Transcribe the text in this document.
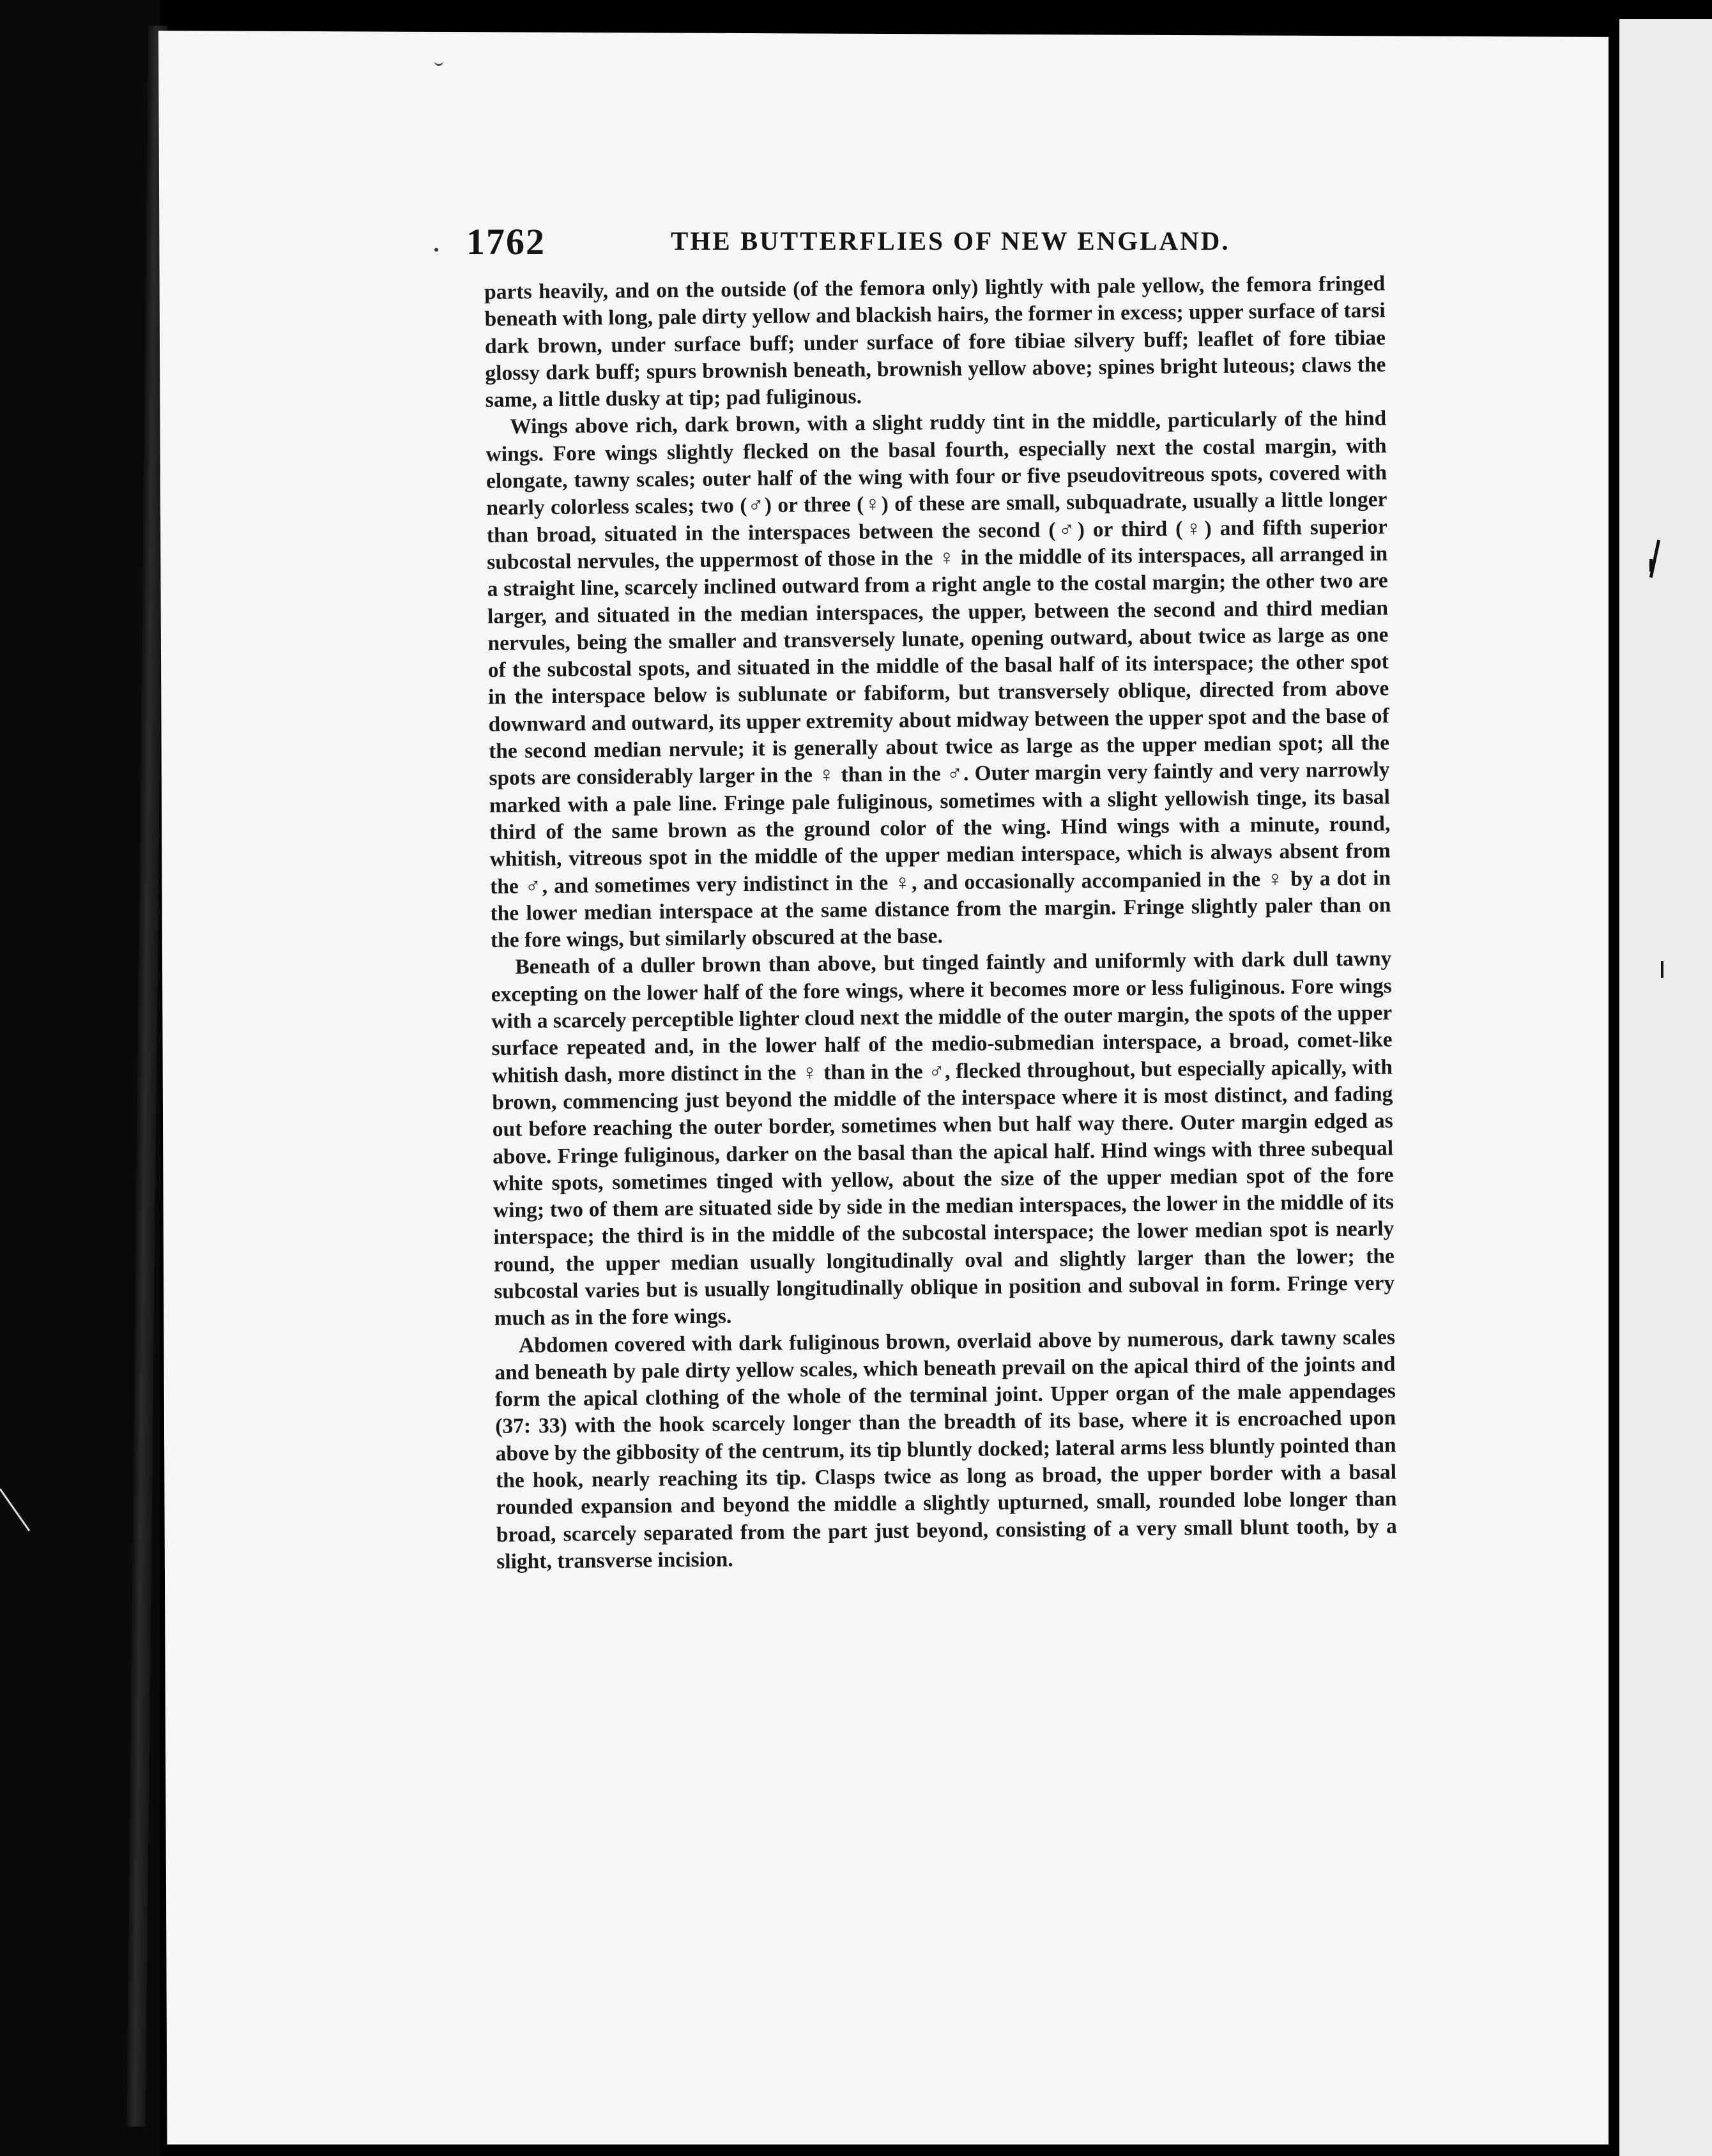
1762	THE BUTTERFLIES OF NEW ENGLAND.

parts heavily, and on the outside (of the femora only) lightly with pale yellow, the femora fringed beneath with long, pale dirty yellow and blackish hairs, the former in excess; upper surface of tarsi dark brown, under surface buff; under surface of fore tibiae silvery buff; leaflet of fore tibiae glossy dark buff; spurs brownish beneath, brownish yellow above; spines bright luteous; claws the same, a little dusky at tip; pad fuliginous.

Wings above rich, dark brown, with a slight ruddy tint in the middle, particularly of the hind wings. Fore wings slightly flecked on the basal fourth, especially next the costal margin, with elongate, tawny scales; outer half of the wing with four or five pseudovitreous spots, covered with nearly colorless scales; two (♂) or three (♀) of these are small, subquadrate, usually a little longer than broad, situated in the interspaces between the second (♂) or third (♀) and fifth superior subcostal nervules, the uppermost of those in the ♀ in the middle of its interspaces, all arranged in a straight line, scarcely inclined outward from a right angle to the costal margin; the other two are larger, and situated in the median interspaces, the upper, between the second and third median nervules, being the smaller and transversely lunate, opening outward, about twice as large as one of the subcostal spots, and situated in the middle of the basal half of its interspace; the other spot in the interspace below is sublunate or fabiform, but transversely oblique, directed from above downward and outward, its upper extremity about midway between the upper spot and the base of the second median nervule; it is generally about twice as large as the upper median spot; all the spots are considerably larger in the ♀ than in the ♂. Outer margin very faintly and very narrowly marked with a pale line. Fringe pale fuliginous, sometimes with a slight yellowish tinge, its basal third of the same brown as the ground color of the wing. Hind wings with a minute, round, whitish, vitreous spot in the middle of the upper median interspace, which is always absent from the ♂, and sometimes very indistinct in the ♀, and occasionally accompanied in the ♀ by a dot in the lower median interspace at the same distance from the margin. Fringe slightly paler than on the fore wings, but similarly obscured at the base.

Beneath of a duller brown than above, but tinged faintly and uniformly with dark dull tawny excepting on the lower half of the fore wings, where it becomes more or less fuliginous. Fore wings with a scarcely perceptible lighter cloud next the middle of the outer margin, the spots of the upper surface repeated and, in the lower half of the medio-submedian interspace, a broad, comet-like whitish dash, more distinct in the ♀ than in the ♂, flecked throughout, but especially apically, with brown, commencing just beyond the middle of the interspace where it is most distinct, and fading out before reaching the outer border, sometimes when but half way there. Outer margin edged as above. Fringe fuliginous, darker on the basal than the apical half. Hind wings with three subequal white spots, sometimes tinged with yellow, about the size of the upper median spot of the fore wing; two of them are situated side by side in the median interspaces, the lower in the middle of its interspace; the third is in the middle of the subcostal interspace; the lower median spot is nearly round, the upper median usually longitudinally oval and slightly larger than the lower; the subcostal varies but is usually longitudinally oblique in position and suboval in form. Fringe very much as in the fore wings.

Abdomen covered with dark fuliginous brown, overlaid above by numerous, dark tawny scales and beneath by pale dirty yellow scales, which beneath prevail on the apical third of the joints and form the apical clothing of the whole of the terminal joint. Upper organ of the male appendages (37: 33) with the hook scarcely longer than the breadth of its base, where it is encroached upon above by the gibbosity of the centrum, its tip bluntly docked; lateral arms less bluntly pointed than the hook, nearly reaching its tip. Clasps twice as long as broad, the upper border with a basal rounded expansion and beyond the middle a slightly upturned, small, rounded lobe longer than broad, scarcely separated from the part just beyond, consisting of a very small blunt tooth, by a slight, transverse incision.
